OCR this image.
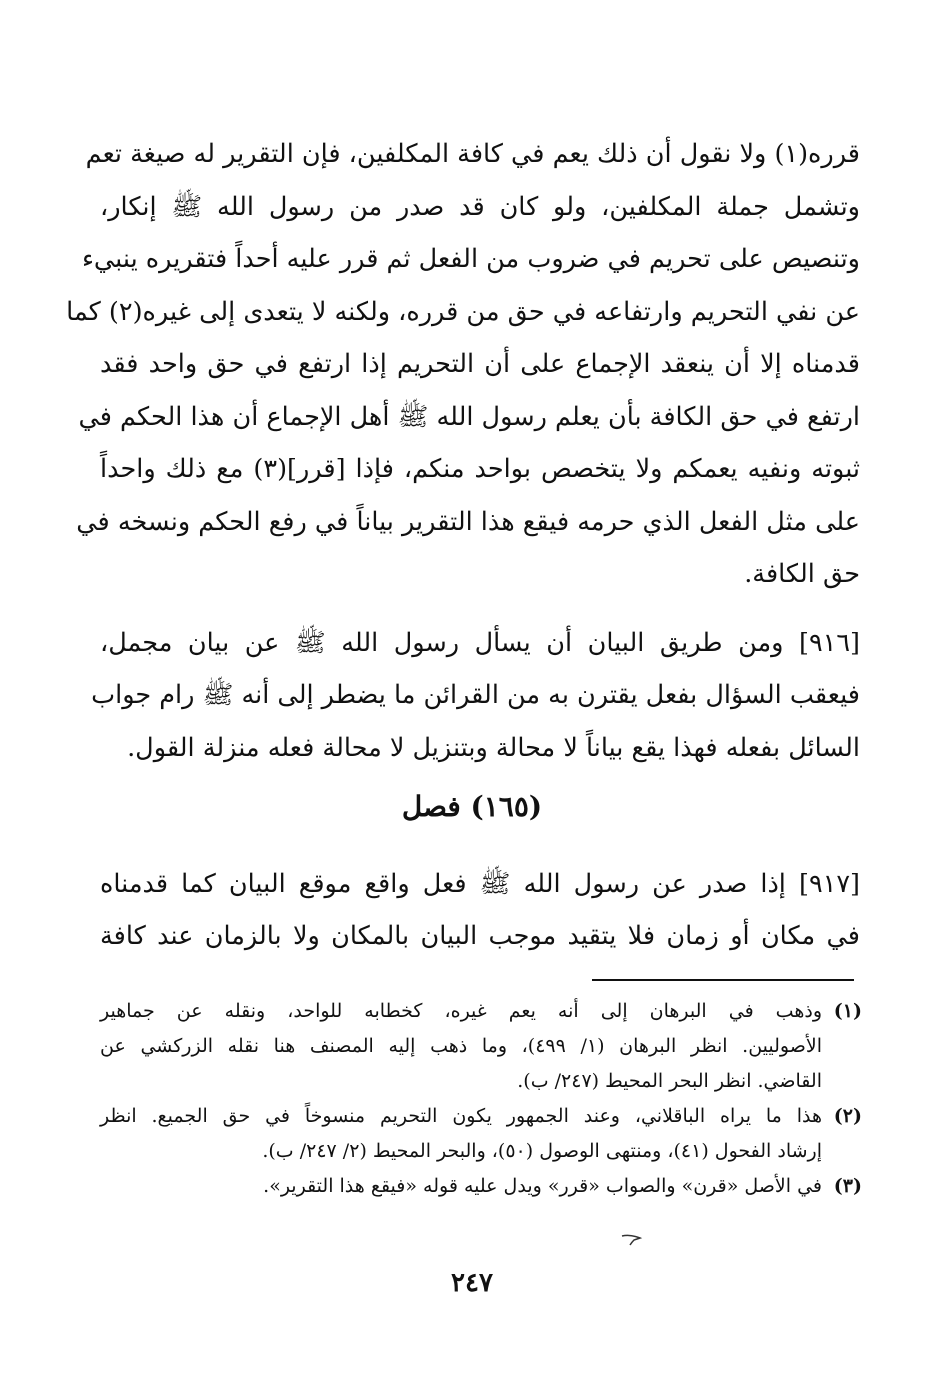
قرره(١) ولا نقول أن ذلك يعم في كافة المكلفين، فإن التقرير له صيغة تعم
وتشمل جملة المكلفين، ولو كان قد صدر من رسول الله ﷺ إنكار،
وتنصيص على تحريم في ضروب من الفعل ثم قرر عليه أحداً فتقريره ينبيء
عن نفي التحريم وارتفاعه في حق من قرره، ولكنه لا يتعدى إلى غيره(٢) كما
قدمناه إلا أن ينعقد الإجماع على أن التحريم إذا ارتفع في حق واحد فقد
ارتفع في حق الكافة بأن يعلم رسول الله ﷺ أهل الإجماع أن هذا الحكم في
ثبوته ونفيه يعمكم ولا يتخصص بواحد منكم، فإذا [قرر](٣) مع ذلك واحداً
على مثل الفعل الذي حرمه فيقع هذا التقرير بياناً في رفع الحكم ونسخه في
حق الكافة.

[٩١٦] ومن طريق البيان أن يسأل رسول الله ﷺ عن بيان مجمل،
فيعقب السؤال بفعل يقترن به من القرائن ما يضطر إلى أنه ﷺ رام جواب
السائل بفعله فهذا يقع بياناً لا محالة وبتنزيل لا محالة فعله منزلة القول.

(١٦٥) فصل
[٩١٧] إذا صدر عن رسول الله ﷺ فعل واقع موقع البيان كما قدمناه
في مكان أو زمان فلا يتقيد موجب البيان بالمكان ولا بالزمان عند كافة
(١)
وذهب في البرهان إلى أنه يعم غيره، كخطابه للواحد، ونقله عن جماهير
الأصوليين. انظر البرهان (١/ ٤٩٩)، وما ذهب إليه المصنف هنا نقله الزركشي عن
القاضي. انظر البحر المحيط (٢٤٧/ ب).
(٢)
هذا ما يراه الباقلاني، وعند الجمهور يكون التحريم منسوخاً في حق الجميع. انظر
إرشاد الفحول (٤١)، ومنتهى الوصول (٥٠)، والبحر المحيط (٢/ ٢٤٧/ ب).
(٣)
في الأصل «قرن» والصواب «قرر» ويدل عليه قوله «فيقع هذا التقرير».
٢٤٧
